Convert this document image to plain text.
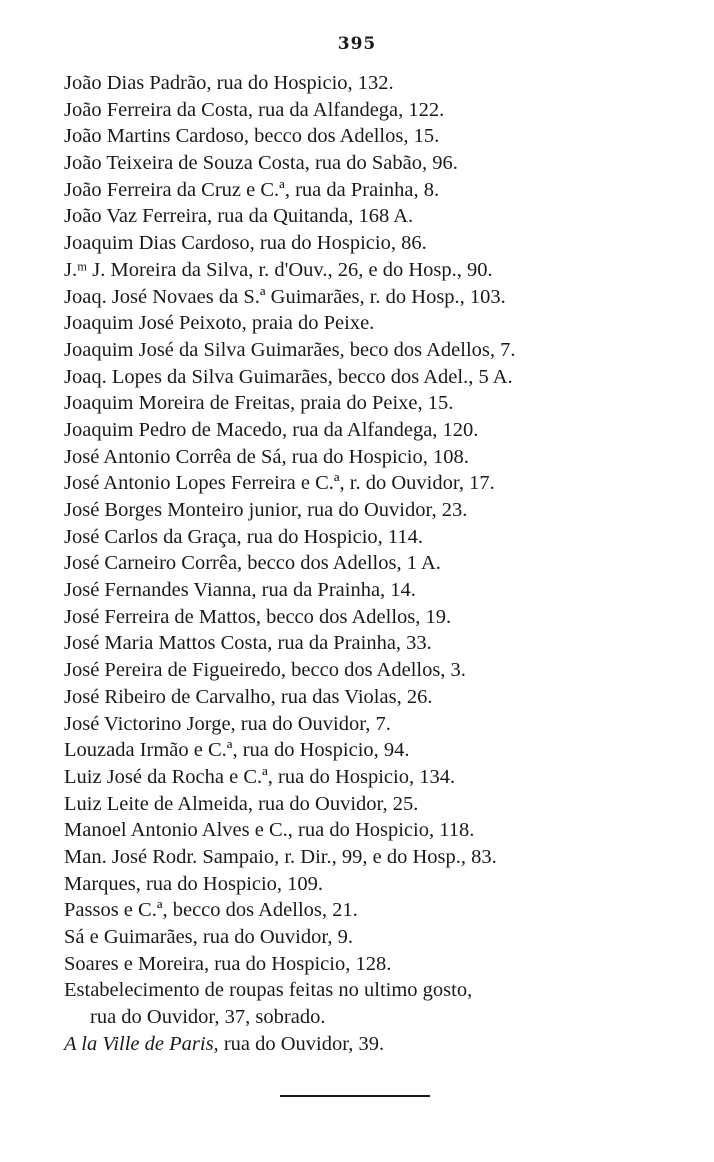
395
João Dias Padrão, rua do Hospicio, 132.
João Ferreira da Costa, rua da Alfandega, 122.
João Martins Cardoso, becco dos Adellos, 15.
João Teixeira de Souza Costa, rua do Sabão, 96.
João Ferreira da Cruz e C.ª, rua da Prainha, 8.
João Vaz Ferreira, rua da Quitanda, 168 A.
Joaquim Dias Cardoso, rua do Hospicio, 86.
J.ᵐ J. Moreira da Silva, r. d'Ouv., 26, e do Hosp., 90.
Joaq. José Novaes da S.ª Guimarães, r. do Hosp., 103.
Joaquim José Peixoto, praia do Peixe.
Joaquim José da Silva Guimarães, beco dos Adellos, 7.
Joaq. Lopes da Silva Guimarães, becco dos Adel., 5 A.
Joaquim Moreira de Freitas, praia do Peixe, 15.
Joaquim Pedro de Macedo, rua da Alfandega, 120.
José Antonio Corrêa de Sá, rua do Hospicio, 108.
José Antonio Lopes Ferreira e C.ª, r. do Ouvidor, 17.
José Borges Monteiro junior, rua do Ouvidor, 23.
José Carlos da Graça, rua do Hospicio, 114.
José Carneiro Corrêa, becco dos Adellos, 1 A.
José Fernandes Vianna, rua da Prainha, 14.
José Ferreira de Mattos, becco dos Adellos, 19.
José Maria Mattos Costa, rua da Prainha, 33.
José Pereira de Figueiredo, becco dos Adellos, 3.
José Ribeiro de Carvalho, rua das Violas, 26.
José Victorino Jorge, rua do Ouvidor, 7.
Louzada Irmão e C.ª, rua do Hospicio, 94.
Luiz José da Rocha e C.ª, rua do Hospicio, 134.
Luiz Leite de Almeida, rua do Ouvidor, 25.
Manoel Antonio Alves e C., rua do Hospicio, 118.
Man. José Rodr. Sampaio, r. Dir., 99, e do Hosp., 83.
Marques, rua do Hospicio, 109.
Passos e C.ª, becco dos Adellos, 21.
Sá e Guimarães, rua do Ouvidor, 9.
Soares e Moreira, rua do Hospicio, 128.
Estabelecimento de roupas feitas no ultimo gosto,
rua do Ouvidor, 37, sobrado.
A la Ville de Paris, rua do Ouvidor, 39.
